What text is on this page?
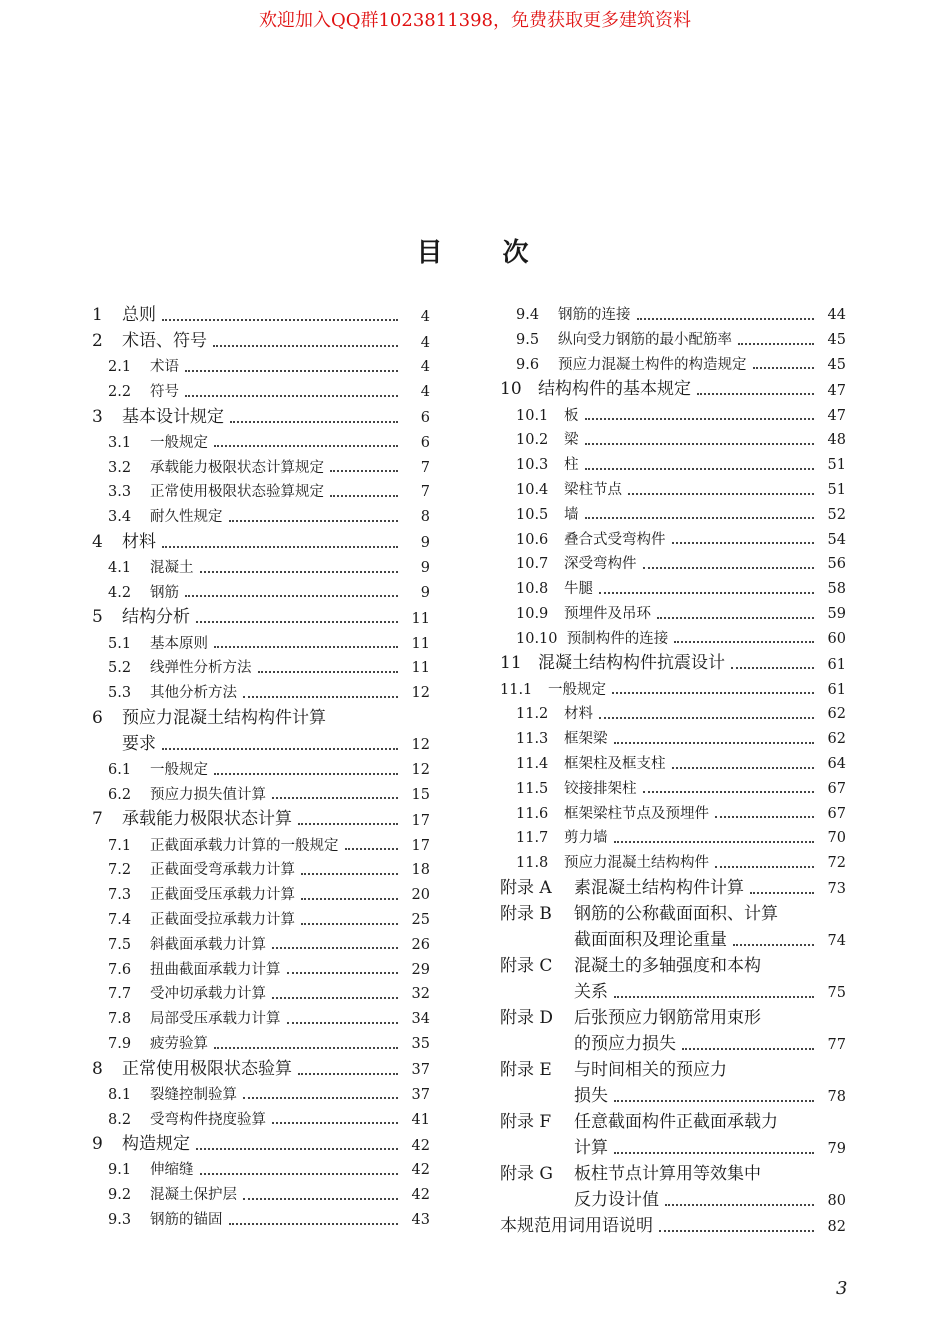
欢迎加入QQ群1023811398，免费获取更多建筑资料
目次
1 总则	4
2 术语、符号	4
2.1 术语	4
2.2 符号	4
3 基本设计规定	6
3.1 一般规定	6
3.2 承载能力极限状态计算规定	7
3.3 正常使用极限状态验算规定	7
3.4 耐久性规定	8
4 材料	9
4.1 混凝土	9
4.2 钢筋	9
5 结构分析	11
5.1 基本原则	11
5.2 线弹性分析方法	11
5.3 其他分析方法	12
6 预应力混凝土结构构件计算
要求	12
6.1 一般规定	12
6.2 预应力损失值计算	15
7 承载能力极限状态计算	17
7.1 正截面承载力计算的一般规定	17
7.2 正截面受弯承载力计算	18
7.3 正截面受压承载力计算	20
7.4 正截面受拉承载力计算	25
7.5 斜截面承载力计算	26
7.6 扭曲截面承载力计算	29
7.7 受冲切承载力计算	32
7.8 局部受压承载力计算	34
7.9 疲劳验算	35
8 正常使用极限状态验算	37
8.1 裂缝控制验算	37
8.2 受弯构件挠度验算	41
9 构造规定	42
9.1 伸缩缝	42
9.2 混凝土保护层	42
9.3 钢筋的锚固	43
9.4 钢筋的连接	44
9.5 纵向受力钢筋的最小配筋率	45
9.6 预应力混凝土构件的构造规定	45
10 结构构件的基本规定	47
10.1 板	47
10.2 梁	48
10.3 柱	51
10.4 梁柱节点	51
10.5 墙	52
10.6 叠合式受弯构件	54
10.7 深受弯构件	56
10.8 牛腿	58
10.9 预埋件及吊环	59
10.10 预制构件的连接	60
11 混凝土结构构件抗震设计	61
11.1 一般规定	61
11.2 材料	62
11.3 框架梁	62
11.4 框架柱及框支柱	64
11.5 铰接排架柱	67
11.6 框架梁柱节点及预埋件	67
11.7 剪力墙	70
11.8 预应力混凝土结构构件	72
附录 A 素混凝土结构构件计算	73
附录 B 钢筋的公称截面面积、计算
截面面积及理论重量	74
附录 C 混凝土的多轴强度和本构
关系	75
附录 D 后张预应力钢筋常用束形
的预应力损失	77
附录 E 与时间相关的预应力
损失	78
附录 F 任意截面构件正截面承载力
计算	79
附录 G 板柱节点计算用等效集中
反力设计值	80
本规范用词用语说明	82
3
